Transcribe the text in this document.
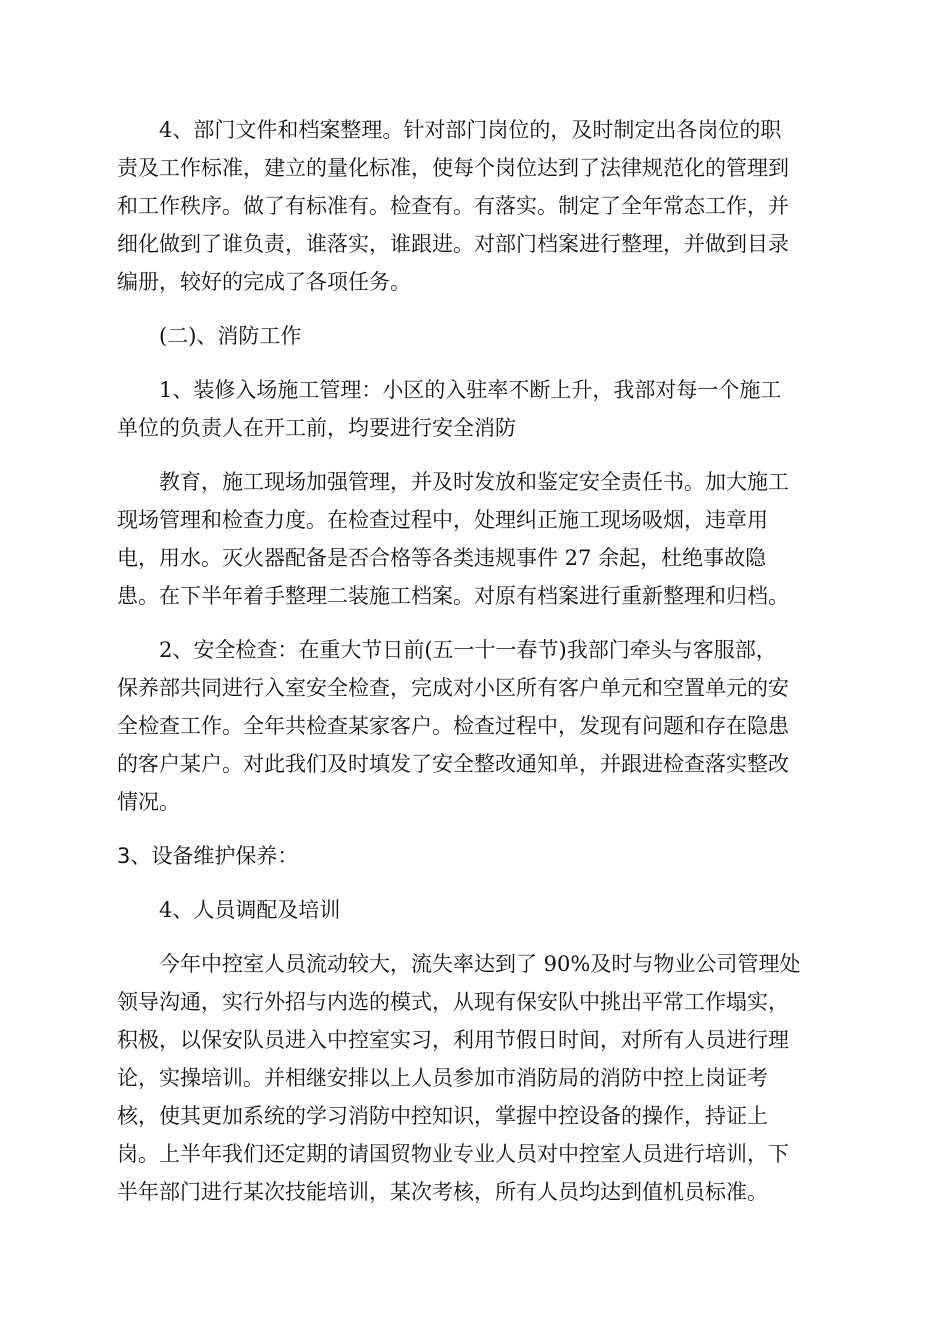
4、部门文件和档案整理。针对部门岗位的，及时制定出各岗位的职
责及工作标准，建立的量化标准，使每个岗位达到了法律规范化的管理到
和工作秩序。做了有标准有。检查有。有落实。制定了全年常态工作，并
细化做到了谁负责，谁落实，谁跟进。对部门档案进行整理，并做到目录
编册，较好的完成了各项任务。
(二)、消防工作
1、装修入场施工管理：小区的入驻率不断上升，我部对每一个施工
单位的负责人在开工前，均要进行安全消防
教育，施工现场加强管理，并及时发放和鉴定安全责任书。加大施工
现场管理和检查力度。在检查过程中，处理纠正施工现场吸烟，违章用
电，用水。灭火器配备是否合格等各类违规事件 27 余起，杜绝事故隐
患。在下半年着手整理二装施工档案。对原有档案进行重新整理和归档。
2、安全检查：在重大节日前(五一十一春节)我部门牵头与客服部，
保养部共同进行入室安全检查，完成对小区所有客户单元和空置单元的安
全检查工作。全年共检查某家客户。检查过程中，发现有问题和存在隐患
的客户某户。对此我们及时填发了安全整改通知单，并跟进检查落实整改
情况。
3、设备维护保养：
4、人员调配及培训
今年中控室人员流动较大，流失率达到了 90%及时与物业公司管理处
领导沟通，实行外招与内选的模式，从现有保安队中挑出平常工作塌实，
积极，以保安队员进入中控室实习，利用节假日时间，对所有人员进行理
论，实操培训。并相继安排以上人员参加市消防局的消防中控上岗证考
核，使其更加系统的学习消防中控知识，掌握中控设备的操作，持证上
岗。上半年我们还定期的请国贸物业专业人员对中控室人员进行培训，下
半年部门进行某次技能培训，某次考核，所有人员均达到值机员标准。
